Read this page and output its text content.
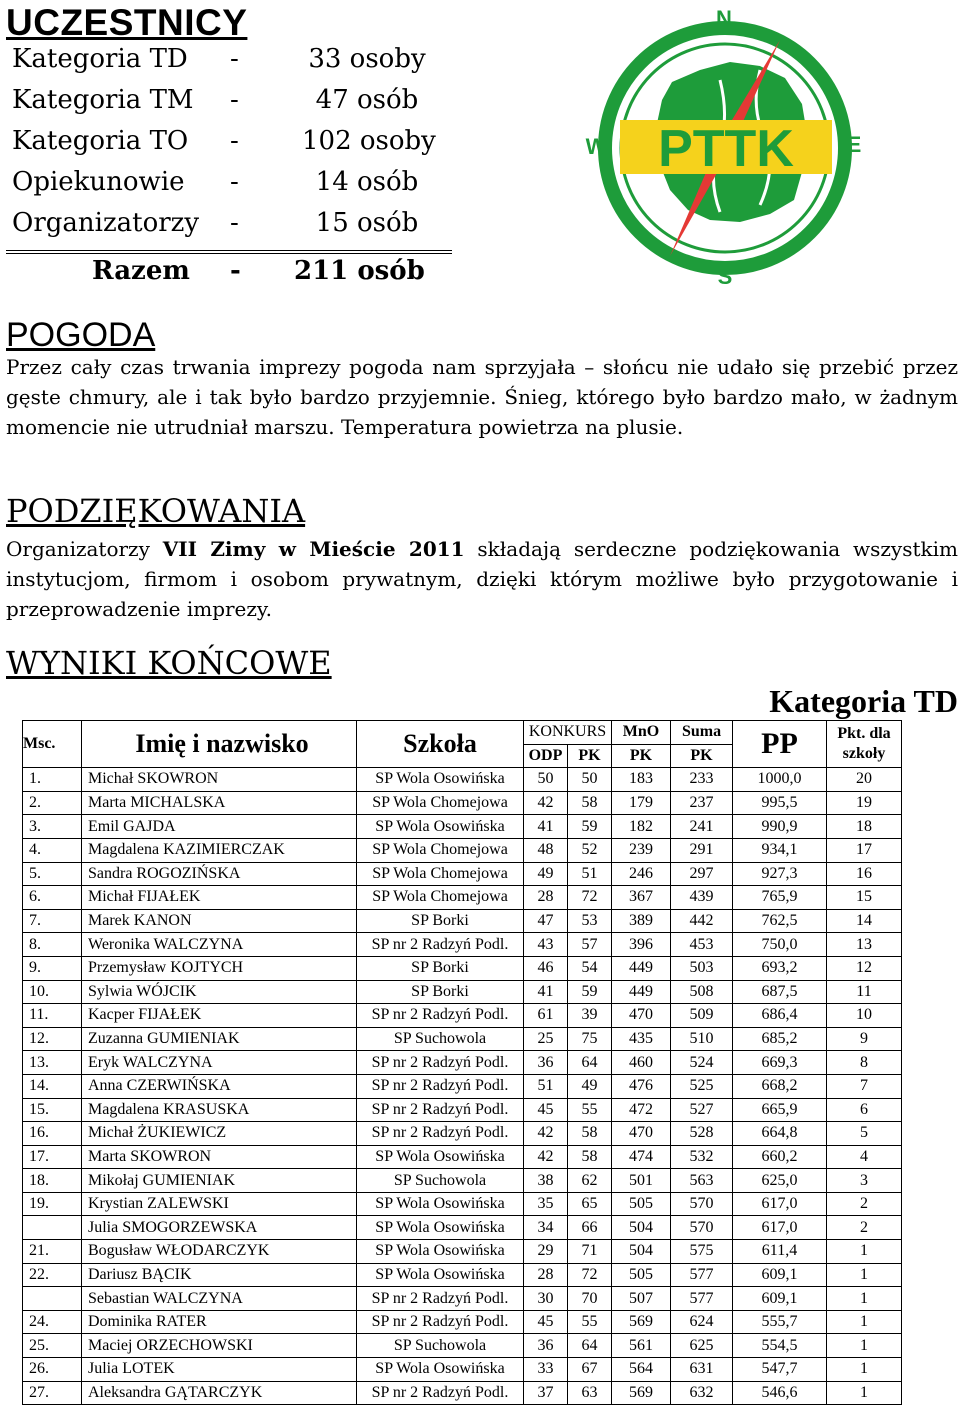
UCZESTNICY
Kategoria TD -	33 osoby
Kategoria TM -	47 osób
Kategoria TO - 102 osoby
Opiekunowie -	14 osób
Organizatorzy -	15 osób
Razem - 211 osób
PTTK
N
S
W	E
POGODA

Przez cały czas trwania imprezy pogoda nam sprzyjała – słońcu nie udało się przebić przez gęste chmury, ale i tak było bardzo przyjemnie. Śnieg, którego było bardzo mało, w żadnym momencie nie utrudniał marszu. Temperatura powietrza na plusie.

PODZIĘKOWANIA

Organizatorzy VII Zimy w Mieście 2011 składają serdeczne podziękowania wszystkim instytucjom, firmom i osobom prywatnym, dzięki którym możliwe było przygotowanie i przeprowadzenie imprezy.

WYNIKI KOŃCOWE
Kategoria TD
Msc.	Imię i nazwisko	Szkoła	KONKURS		MnO	Suma	PP	Pkt. dla szkoły
			ODP	PK	PK	PK		
1.	Michał SKOWRON	SP Wola Osowińska	50	50	183	233	1000,0	20
2.	Marta MICHALSKA	SP Wola Chomejowa	42	58	179	237	995,5	19
3.	Emil GAJDA	SP Wola Osowińska	41	59	182	241	990,9	18
4.	Magdalena KAZIMIERCZAK	SP Wola Chomejowa	48	52	239	291	934,1	17
5.	Sandra ROGOZIŃSKA	SP Wola Chomejowa	49	51	246	297	927,3	16
6.	Michał FIJAŁEK	SP Wola Chomejowa	28	72	367	439	765,9	15
7.	Marek KANON	SP Borki	47	53	389	442	762,5	14
8.	Weronika WALCZYNA	SP nr 2 Radzyń Podl.	43	57	396	453	750,0	13
9.	Przemysław KOJTYCH	SP Borki	46	54	449	503	693,2	12
10.	Sylwia WÓJCIK	SP Borki	41	59	449	508	687,5	11
11.	Kacper FIJAŁEK	SP nr 2 Radzyń Podl.	61	39	470	509	686,4	10
12.	Zuzanna GUMIENIAK	SP Suchowola	25	75	435	510	685,2	9
13.	Eryk WALCZYNA	SP nr 2 Radzyń Podl.	36	64	460	524	669,3	8
14.	Anna CZERWIŃSKA	SP nr 2 Radzyń Podl.	51	49	476	525	668,2	7
15.	Magdalena KRASUSKA	SP nr 2 Radzyń Podl.	45	55	472	527	665,9	6
16.	Michał ŻUKIEWICZ	SP nr 2 Radzyń Podl.	42	58	470	528	664,8	5
17.	Marta SKOWRON	SP Wola Osowińska	42	58	474	532	660,2	4
18.	Mikołaj GUMIENIAK	SP Suchowola	38	62	501	563	625,0	3
19.	Krystian ZALEWSKI	SP Wola Osowińska	35	65	505	570	617,0	2
	Julia SMOGORZEWSKA	SP Wola Osowińska	34	66	504	570	617,0	2
21.	Bogusław WŁODARCZYK	SP Wola Osowińska	29	71	504	575	611,4	1
22.	Dariusz BĄCIK	SP Wola Osowińska	28	72	505	577	609,1	1
	Sebastian WALCZYNA	SP nr 2 Radzyń Podl.	30	70	507	577	609,1	1
24.	Dominika RATER	SP nr 2 Radzyń Podl.	45	55	569	624	555,7	1
25.	Maciej ORZECHOWSKI	SP Suchowola	36	64	561	625	554,5	1
26.	Julia LOTEK	SP Wola Osowińska	33	67	564	631	547,7	1
27.	Aleksandra GĄTARCZYK	SP nr 2 Radzyń Podl.	37	63	569	632	546,6	1
